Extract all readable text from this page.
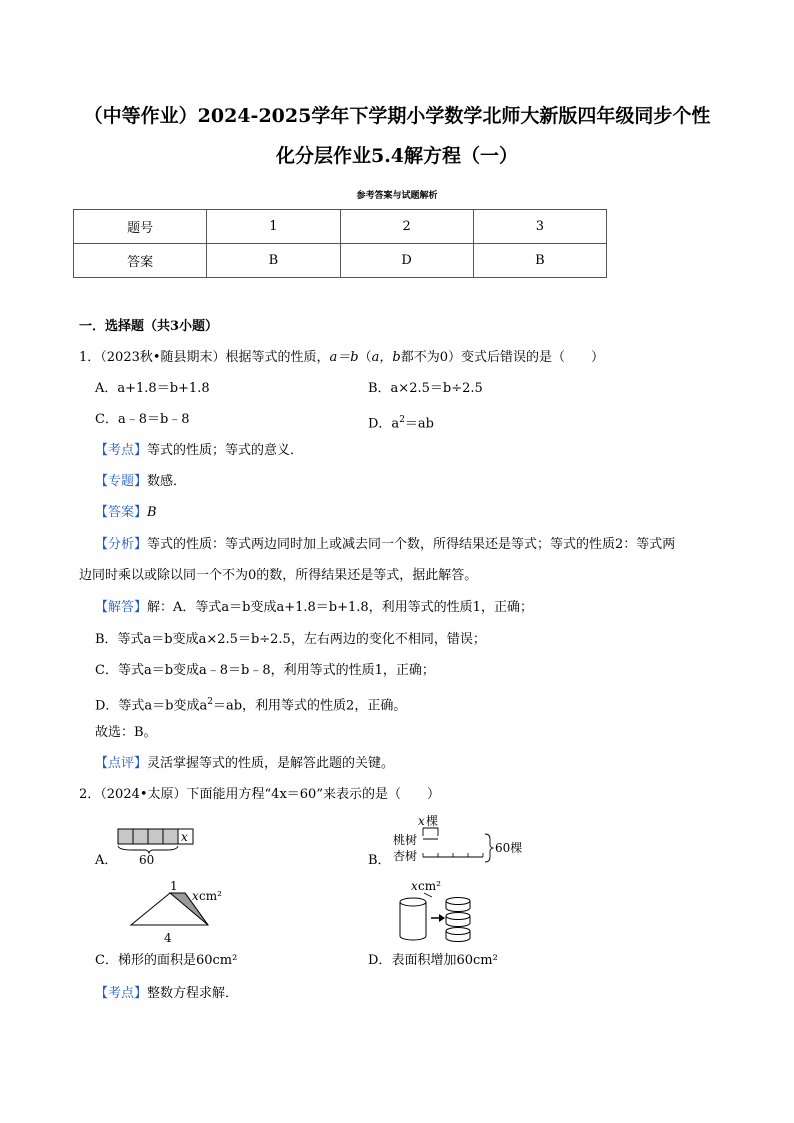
（中等作业）2024-2025学年下学期小学数学北师大新版四年级同步个性
化分层作业5.4解方程（一）
参考答案与试题解析
题号	1	2	3
答案	B	D	B
一．选择题（共3小题）
1．（2023秋•随县期末）根据等式的性质，a＝b（a，b都不为0）变式后错误的是（　　）
A．a+1.8＝b+1.8	B．a×2.5＝b÷2.5
C．a﹣8＝b﹣8	D．$a^2=ab$
【考点】等式的性质；等式的意义．
【专题】数感．
【答案】B
【分析】等式的性质：等式两边同时加上或减去同一个数，所得结果还是等式；等式的性质2：等式两
边同时乘以或除以同一个不为0的数，所得结果还是等式，据此解答。
【解答】解：A．等式a＝b变成a+1.8＝b+1.8，利用等式的性质1，正确；
B．等式a＝b变成a×2.5＝b÷2.5，左右两边的变化不相同，错误；
C．等式a＝b变成a﹣8＝b﹣8，利用等式的性质1，正确；
D．等式a＝b变成$a^2=ab$，利用等式的性质2，正确。
故选：B。
【点评】灵活掌握等式的性质，是解答此题的关键。
2．（2024•太原）下面能用方程“4x＝60”来表示的是（　　）
A．
x
60	B．
x 棵
桃树
杏树
60棵
1
x cm²
4
C．梯形的面积是60cm²
x cm²
D．表面积增加60cm²
【考点】整数方程求解．
